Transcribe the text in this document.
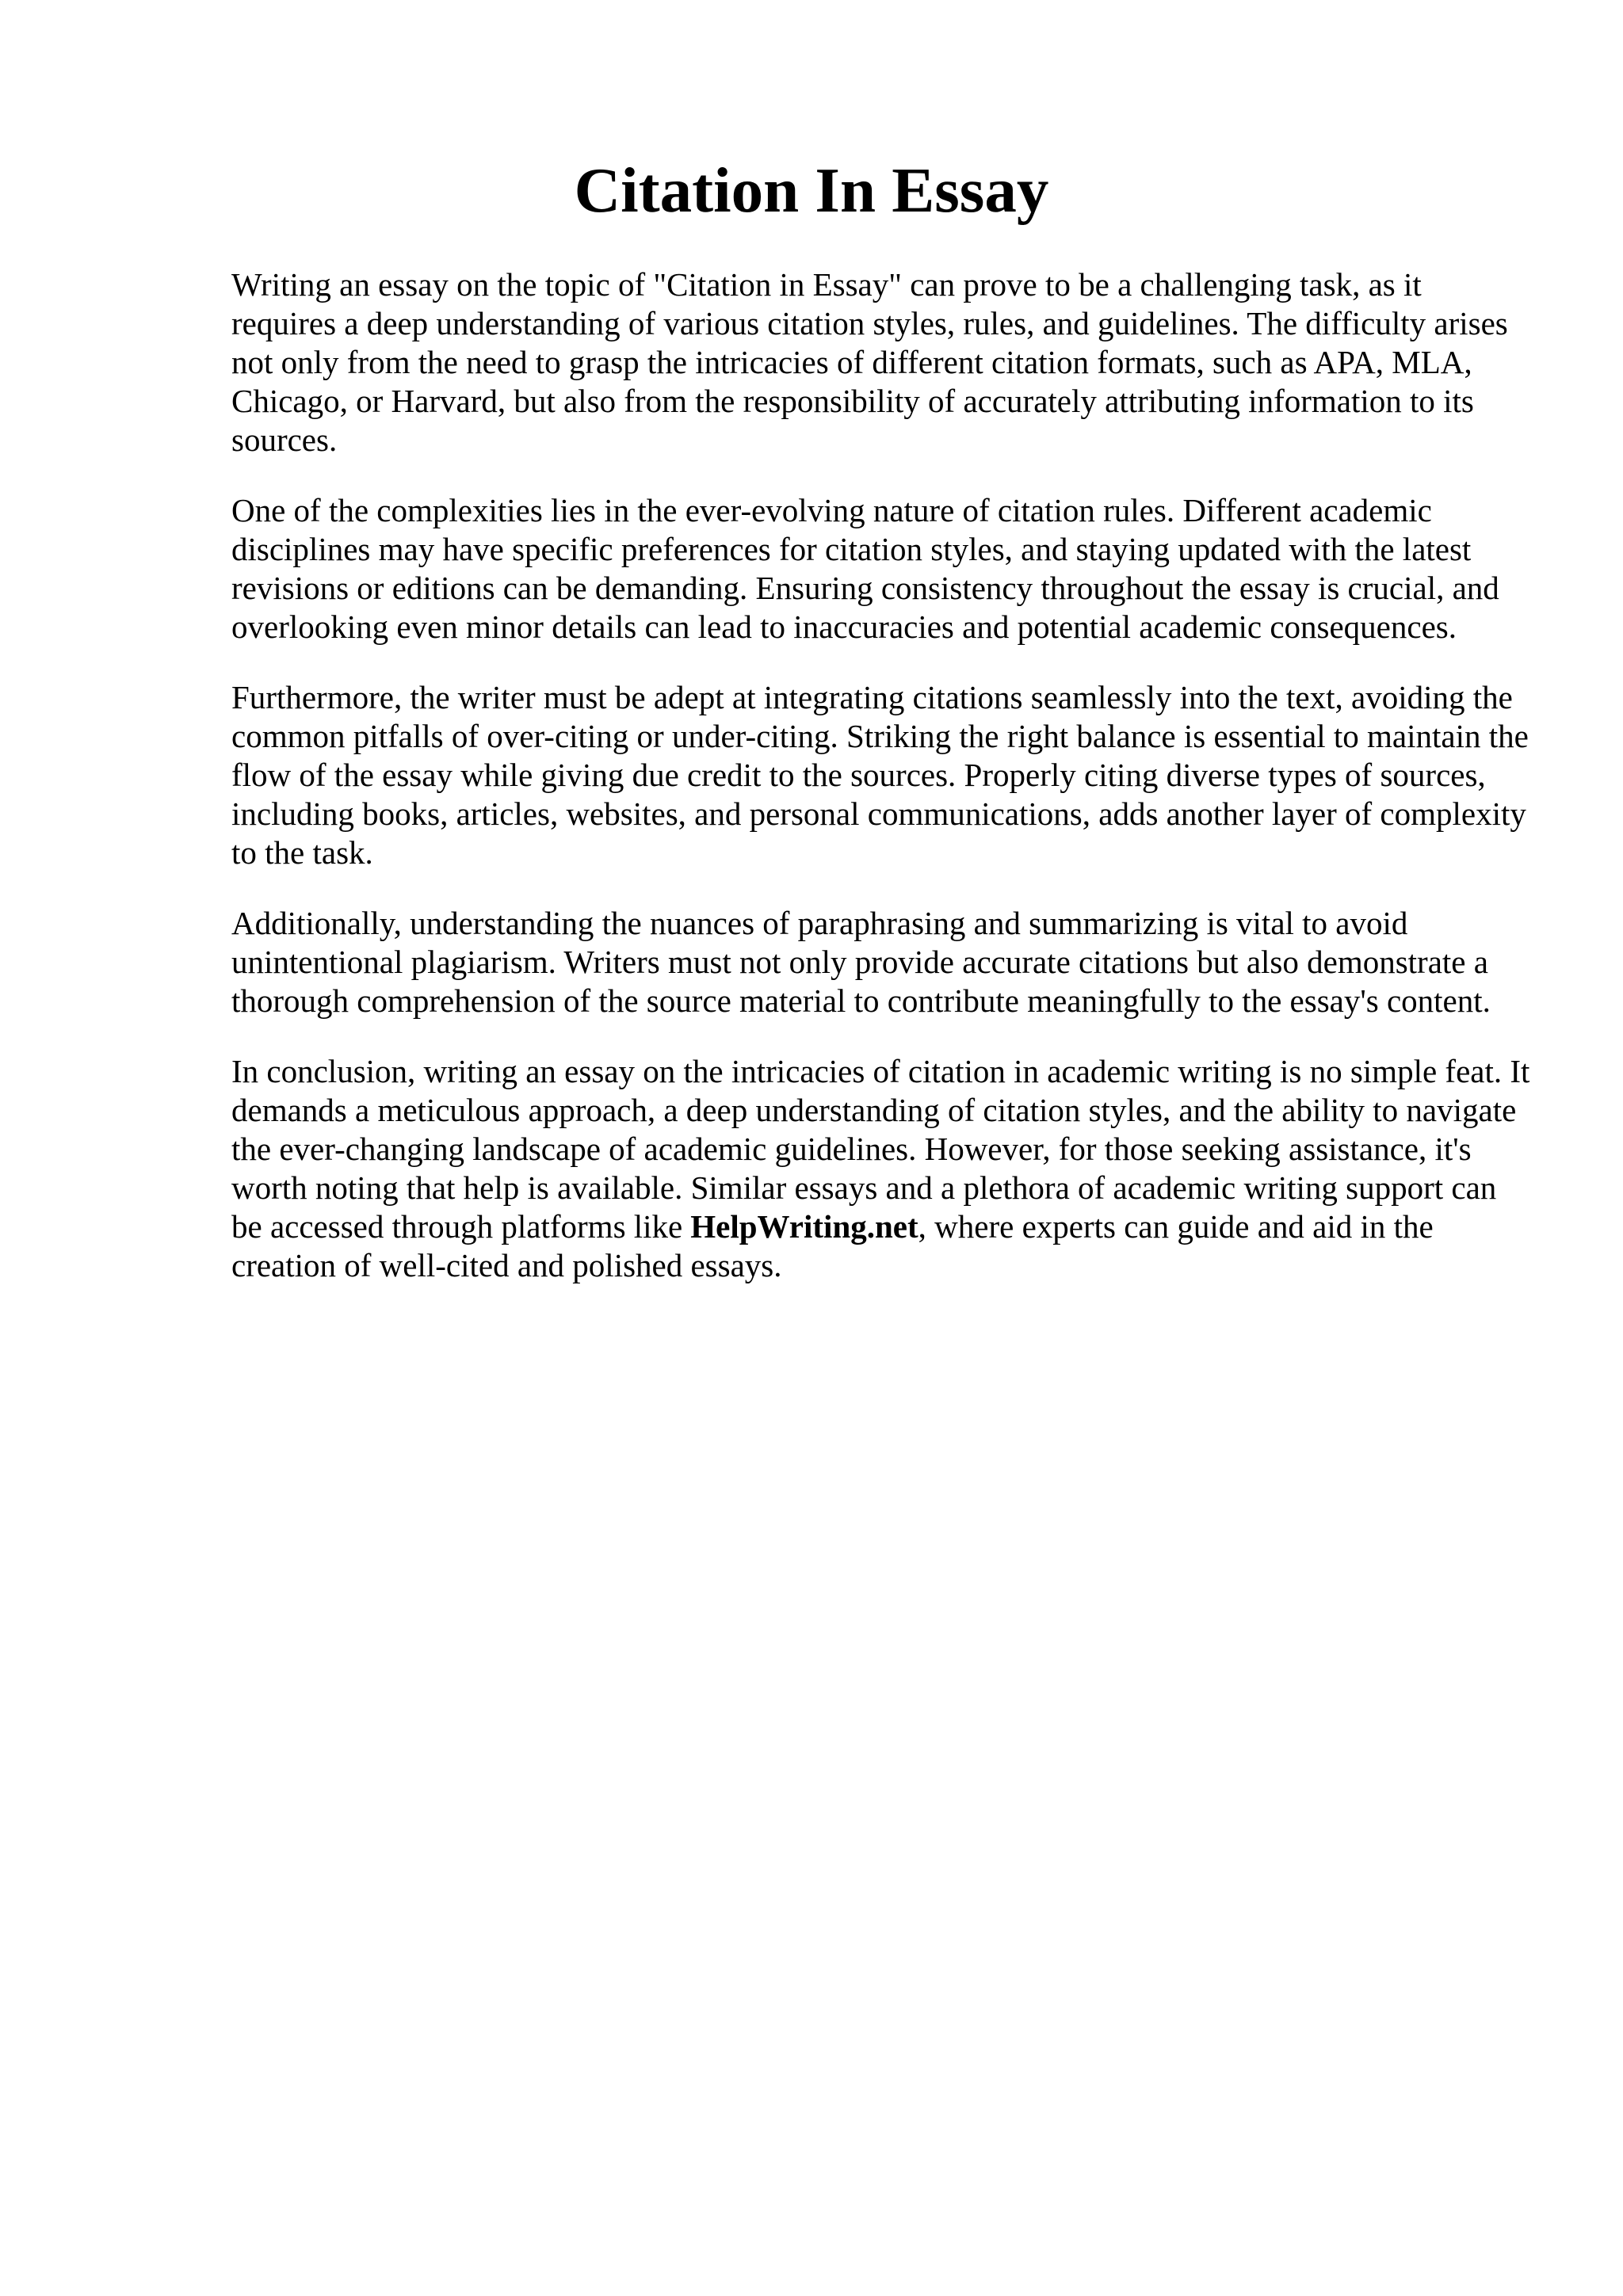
Citation In Essay

Writing an essay on the topic of "Citation in Essay" can prove to be a challenging task, as it requires a deep understanding of various citation styles, rules, and guidelines. The difficulty arises not only from the need to grasp the intricacies of different citation formats, such as APA, MLA, Chicago, or Harvard, but also from the responsibility of accurately attributing information to its sources.

One of the complexities lies in the ever-evolving nature of citation rules. Different academic disciplines may have specific preferences for citation styles, and staying updated with the latest revisions or editions can be demanding. Ensuring consistency throughout the essay is crucial, and overlooking even minor details can lead to inaccuracies and potential academic consequences.

Furthermore, the writer must be adept at integrating citations seamlessly into the text, avoiding the common pitfalls of over-citing or under-citing. Striking the right balance is essential to maintain the flow of the essay while giving due credit to the sources. Properly citing diverse types of sources, including books, articles, websites, and personal communications, adds another layer of complexity to the task.

Additionally, understanding the nuances of paraphrasing and summarizing is vital to avoid unintentional plagiarism. Writers must not only provide accurate citations but also demonstrate a thorough comprehension of the source material to contribute meaningfully to the essay's content.

In conclusion, writing an essay on the intricacies of citation in academic writing is no simple feat. It demands a meticulous approach, a deep understanding of citation styles, and the ability to navigate the ever-changing landscape of academic guidelines. However, for those seeking assistance, it's worth noting that help is available. Similar essays and a plethora of academic writing support can be accessed through platforms like HelpWriting.net, where experts can guide and aid in the creation of well-cited and polished essays.
